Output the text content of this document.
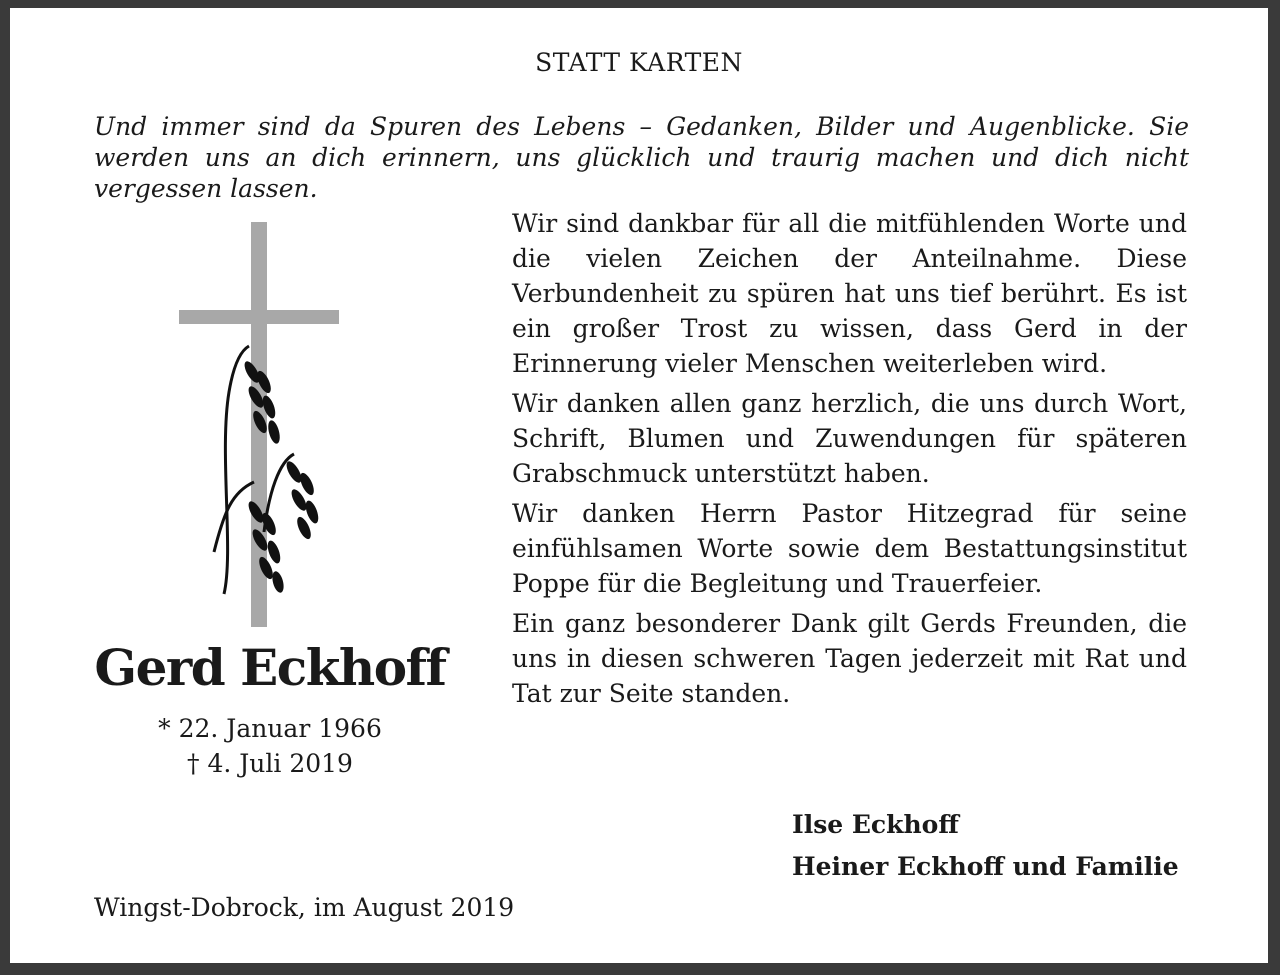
STATT KARTEN
Und immer sind da Spuren des Lebens – Gedanken, Bilder und Augenblicke. Sie werden uns an dich erinnern, uns glücklich und traurig machen und dich nicht vergessen lassen.
Gerd Eckhoff
* 22. Januar 1966
† 4. Juli 2019

Wir sind dankbar für all die mitfühlenden Worte und die vielen Zeichen der Anteilnahme. Diese Verbundenheit zu spüren hat uns tief berührt. Es ist ein großer Trost zu wissen, dass Gerd in der Erinnerung vieler Menschen weiterleben wird.

Wir danken allen ganz herzlich, die uns durch Wort, Schrift, Blumen und Zuwendungen für späteren Grabschmuck unterstützt haben.

Wir danken Herrn Pastor Hitzegrad für seine einfühlsamen Worte sowie dem Bestattungsinstitut Poppe für die Begleitung und Trauerfeier.

Ein ganz besonderer Dank gilt Gerds Freunden, die uns in diesen schweren Tagen jederzeit mit Rat und Tat zur Seite standen.

Ilse Eckhoff
Heiner Eckhoff und Familie
Wingst-Dobrock, im August 2019
